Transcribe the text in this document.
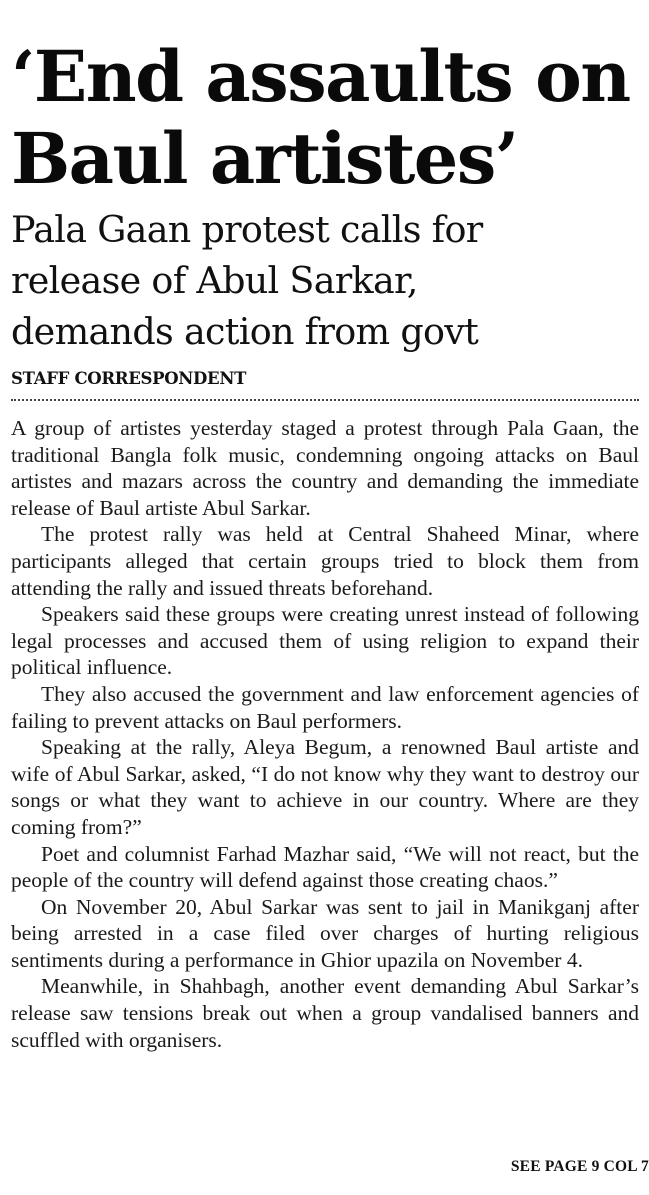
‘End assaults on
Baul artistes’
Pala Gaan protest calls for
release of Abul Sarkar,
demands action from govt
STAFF CORRESPONDENT

A group of artistes yesterday staged a protest through Pala Gaan, the traditional Bangla folk music, condemning ongoing attacks on Baul artistes and mazars across the country and demanding the immediate release of Baul artiste Abul Sarkar.

The protest rally was held at Central Shaheed Minar, where participants alleged that certain groups tried to block them from attending the rally and issued threats beforehand.

Speakers said these groups were creating unrest instead of following legal processes and accused them of using religion to expand their political influence.

They also accused the government and law enforcement agencies of failing to prevent attacks on Baul performers.

Speaking at the rally, Aleya Begum, a renowned Baul artiste and wife of Abul Sarkar, asked, “I do not know why they want to destroy our songs or what they want to achieve in our country. Where are they coming from?”

Poet and columnist Farhad Mazhar said, “We will not react, but the people of the country will defend against those creating chaos.”

On November 20, Abul Sarkar was sent to jail in Manikganj after being arrested in a case filed over charges of hurting religious sentiments during a performance in Ghior upazila on November 4.

Meanwhile, in Shahbagh, another event demanding Abul Sarkar’s release saw tensions break out when a group vandalised banners and scuffled with organisers.

SEE PAGE 9 COL 7
